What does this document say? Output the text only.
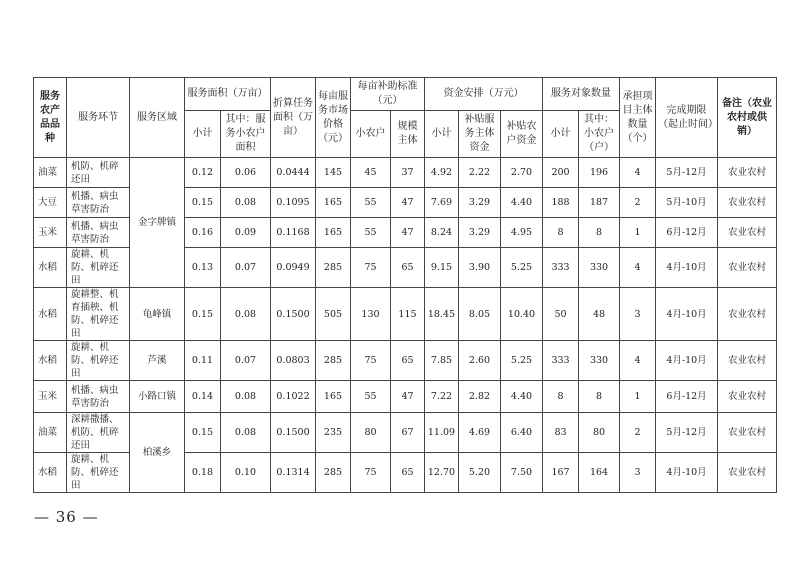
服务农产品品种	服务环节	服务区域	服务面积（万亩）		折算任务面积（万亩）	每亩服务市场价格（元）	每亩补助标准（元）		资金安排（万元）			服务对象数量		承担项目主体数量（个）	完成期限（起止时间）	备注（农业农村或供销）
			小计	其中：服务小农户面积			小农户	规模主体	小计	补贴服务主体资金	补贴农户资金	小计	其中：小农户（户）			
油菜	机防、机碎还田	金字牌镇	0.12	0.06	0.0444	145	45	37	4.92	2.22	2.70	200	196	4	5月-12月	农业农村
大豆	机播、病虫草害防治		0.15	0.08	0.1095	165	55	47	7.69	3.29	4.40	188	187	2	5月-10月	农业农村
玉米	机播、病虫草害防治		0.16	0.09	0.1168	165	55	47	8.24	3.29	4.95	8	8	1	6月-12月	农业农村
水稻	旋耕、机防、机碎还田		0.13	0.07	0.0949	285	75	65	9.15	3.90	5.25	333	330	4	4月-10月	农业农村
水稻	旋耕整、机育插秧、机防、机碎还田	龟峰镇	0.15	0.08	0.1500	505	130	115	18.45	8.05	10.40	50	48	3	4月-10月	农业农村
水稻	旋耕、机防、机碎还田	芦溪	0.11	0.07	0.0803	285	75	65	7.85	2.60	5.25	333	330	4	4月-10月	农业农村
玉米	机播、病虫草害防治	小路口镇	0.14	0.08	0.1022	165	55	47	7.22	2.82	4.40	8	8	1	6月-12月	农业农村
油菜	深耕撒播、机防、机碎还田	柏溪乡	0.15	0.08	0.1500	235	80	67	11.09	4.69	6.40	83	80	2	5月-12月	农业农村
水稻	旋耕、机防、机碎还田		0.18	0.10	0.1314	285	75	65	12.70	5.20	7.50	167	164	3	4月-10月	农业农村
— 36 —
